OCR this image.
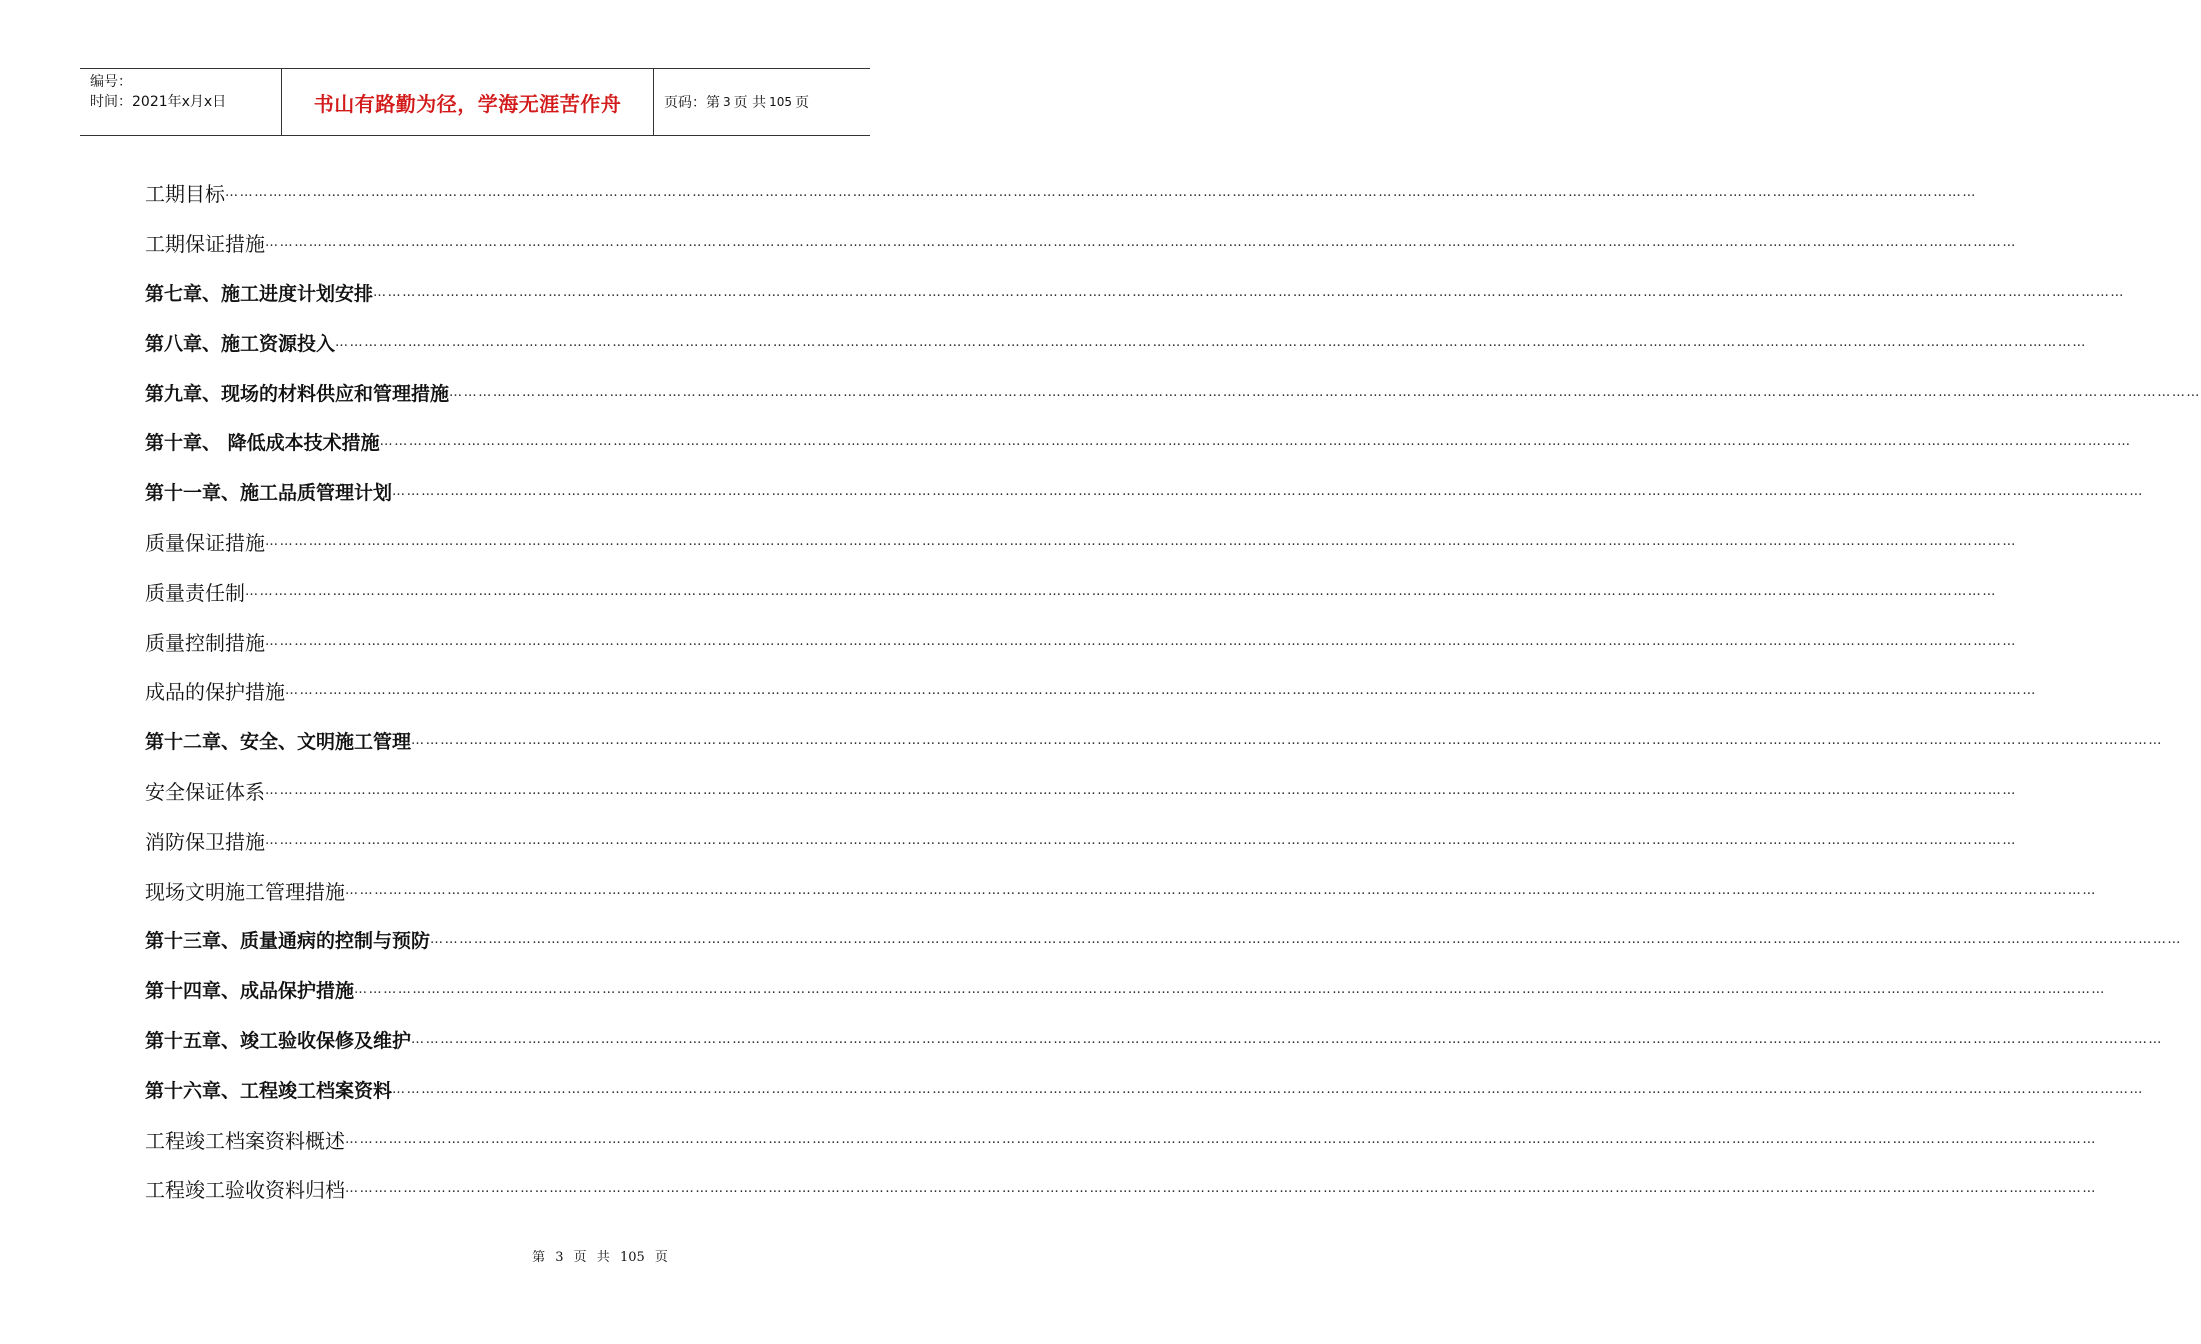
编号：
时间：2021年x月x日	书山有路勤为径，学海无涯苦作舟	页码：第 3 页 共 105 页
工期目标 ………………………………………………………………………………………………………………………………………………………………………………………………………………………………………………………………………………………………………………………………
工期保证措施 ………………………………………………………………………………………………………………………………………………………………………………………………………………………………………………………………………………………………………………………………
第七章、施工进度计划安排 ………………………………………………………………………………………………………………………………………………………………………………………………………………………………………………………………………………………………………………………………
第八章、施工资源投入 ………………………………………………………………………………………………………………………………………………………………………………………………………………………………………………………………………………………………………………………………
第九章、现场的材料供应和管理措施 ………………………………………………………………………………………………………………………………………………………………………………………………………………………………………………………………………………………………………………………………
第十章、 降低成本技术措施 ………………………………………………………………………………………………………………………………………………………………………………………………………………………………………………………………………………………………………………………………
第十一章、施工品质管理计划 ………………………………………………………………………………………………………………………………………………………………………………………………………………………………………………………………………………………………………………………………
质量保证措施 ………………………………………………………………………………………………………………………………………………………………………………………………………………………………………………………………………………………………………………………………
质量责任制 ………………………………………………………………………………………………………………………………………………………………………………………………………………………………………………………………………………………………………………………………
质量控制措施 ………………………………………………………………………………………………………………………………………………………………………………………………………………………………………………………………………………………………………………………………
成品的保护措施 ………………………………………………………………………………………………………………………………………………………………………………………………………………………………………………………………………………………………………………………………
第十二章、安全、文明施工管理 ………………………………………………………………………………………………………………………………………………………………………………………………………………………………………………………………………………………………………………………………
安全保证体系 ………………………………………………………………………………………………………………………………………………………………………………………………………………………………………………………………………………………………………………………………
消防保卫措施 ………………………………………………………………………………………………………………………………………………………………………………………………………………………………………………………………………………………………………………………………
现场文明施工管理措施 ………………………………………………………………………………………………………………………………………………………………………………………………………………………………………………………………………………………………………………………………
第十三章、质量通病的控制与预防 ………………………………………………………………………………………………………………………………………………………………………………………………………………………………………………………………………………………………………………………………
第十四章、成品保护措施 ………………………………………………………………………………………………………………………………………………………………………………………………………………………………………………………………………………………………………………………………
第十五章、竣工验收保修及维护 ………………………………………………………………………………………………………………………………………………………………………………………………………………………………………………………………………………………………………………………………
第十六章、工程竣工档案资料 ………………………………………………………………………………………………………………………………………………………………………………………………………………………………………………………………………………………………………………………………
工程竣工档案资料概述 ………………………………………………………………………………………………………………………………………………………………………………………………………………………………………………………………………………………………………………………………
工程竣工验收资料归档 ………………………………………………………………………………………………………………………………………………………………………………………………………………………………………………………………………………………………………………………………
第 3 页 共 105 页
